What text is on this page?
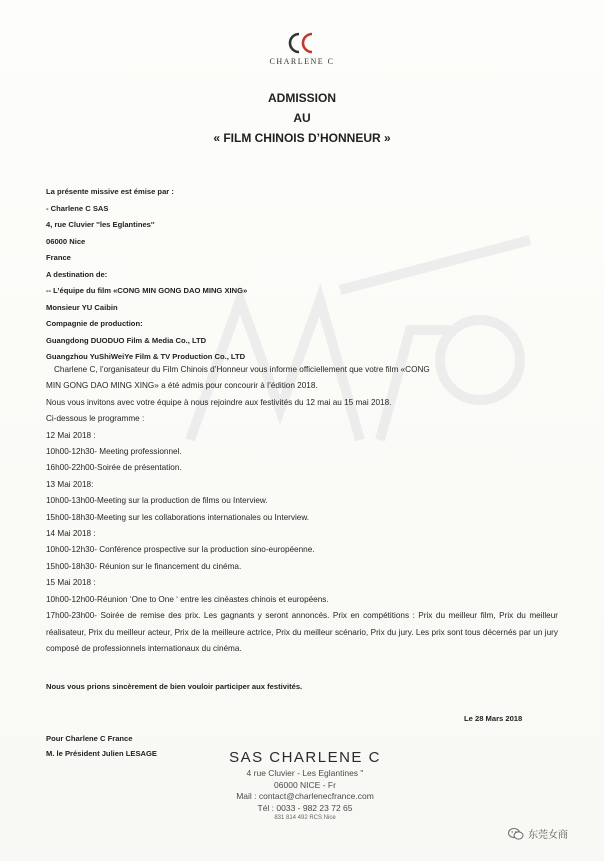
CHARLENE C
ADMISSION
AU
« FILM CHINOIS D’HONNEUR »
La présente missive est émise par :
- Charlene C SAS
4, rue Cluvier ''les Eglantines''
06000 Nice
France
A destination de:
-- L’équipe du film «CONG MIN GONG DAO MING XING»
Monsieur YU Caibin
Compagnie de production:
Guangdong DUODUO Film & Media Co., LTD
Guangzhou YuShiWeiYe Film & TV Production Co., LTD
Charlene C, l’organisateur du Film Chinois d’Honneur vous informe officiellement que votre film «CONG
MIN GONG DAO MING XING» a été admis pour concourir à l’édition 2018.
Nous vous invitons avec votre équipe à nous rejoindre aux festivités du 12 mai au 15 mai 2018.
Ci-dessous le programme :
12 Mai 2018 :
10h00-12h30- Meeting professionnel.
16h00-22h00-Soirée de présentation.
13 Mai 2018:
10h00-13h00-Meeting sur la production de films ou Interview.
15h00-18h30-Meeting sur les collaborations internationales ou Interview.
14 Mai 2018 :
10h00-12h30- Conférence prospective sur la production sino-européenne.
15h00-18h30- Réunion sur le financement du cinéma.
15 Mai 2018 :
10h00-12h00-Réunion ‘One to One ‘ entre les cinéastes chinois et européens.
17h00-23h00- Soirée de remise des prix. Les gagnants y seront annoncés. Prix en compétitions : Prix du meilleur film, Prix du meilleur réalisateur, Prix du meilleur acteur, Prix de la meilleure actrice, Prix du meilleur scénario, Prix du jury. Les prix sont tous décernés par un jury composé de professionnels internationaux du cinéma.
Nous vous prions sincèrement de bien vouloir participer aux festivités.
Le 28 Mars 2018
Pour Charlene C France
M. le Président Julien LESAGE	SAS CHARLENE C
4 rue Cluvier - Les Eglantines "
06000 NICE - Fr
Mail : contact@charlenecfrance.com
Tél : 0033 - 982 23 72 65
831 814 492 RCS Nice
东莞女商
